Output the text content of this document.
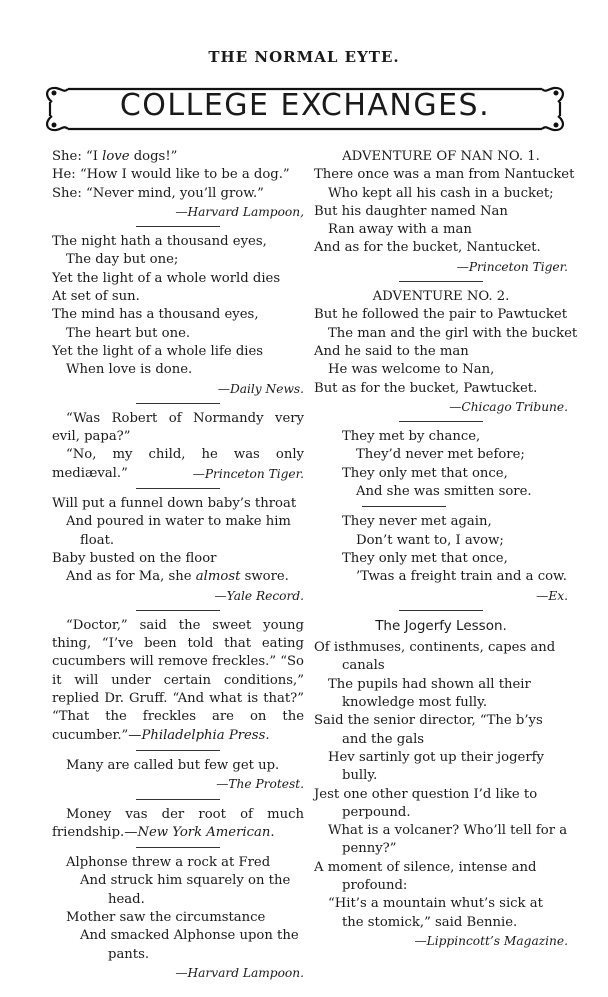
THE NORMAL EYTE.
COLLEGE EXCHANGES.
She: “I love dogs!”
He: “How I would like to be a dog.”
She: “Never mind, you’ll grow.”
—Harvard Lampoon,
The night hath a thousand eyes,
The day but one;
Yet the light of a whole world dies
At set of sun.
The mind has a thousand eyes,
The heart but one.
Yet the light of a whole life dies
When love is done.
—Daily News.
“Was Robert of Normandy very evil, papa?”
“No, my child, he was only mediæval.”	—Princeton Tiger.
Will put a funnel down baby’s throat
And poured in water to make him float.
Baby busted on the floor
And as for Ma, she almost swore.
—Yale Record.
“Doctor,” said the sweet young thing, “I’ve been told that eating cucumbers will remove freckles.” “So it will under certain conditions,” replied Dr. Gruff. “And what is that?” “That the freckles are on the cucumber.”—Philadelphia Press.
Many are called but few get up.
—The Protest.
Money vas der root of much friendship.—New York American.
Alphonse threw a rock at Fred
And struck him squarely on the head.
Mother saw the circumstance
And smacked Alphonse upon the pants.
—Harvard Lampoon.
ADVENTURE OF NAN NO. 1.
There once was a man from Nantucket
Who kept all his cash in a bucket;
But his daughter named Nan
Ran away with a man
And as for the bucket, Nantucket.
—Princeton Tiger.
ADVENTURE NO. 2.
But he followed the pair to Pawtucket
The man and the girl with the bucket
And he said to the man
He was welcome to Nan,
But as for the bucket, Pawtucket.
—Chicago Tribune.
They met by chance,
They’d never met before;
They only met that once,
And she was smitten sore.
They never met again,
Don’t want to, I avow;
They only met that once,
’Twas a freight train and a cow.
—Ex.
The Jogerfy Lesson.
Of isthmuses, continents, capes and canals
The pupils had shown all their knowledge most fully.
Said the senior director, “The b’ys and the gals
Hev sartinly got up their jogerfy bully.
Jest one other question I’d like to perpound.
What is a volcaner? Who’ll tell for a penny?”
A moment of silence, intense and profound:
“Hit’s a mountain whut’s sick at the stomick,” said Bennie.
—Lippincott’s Magazine.
